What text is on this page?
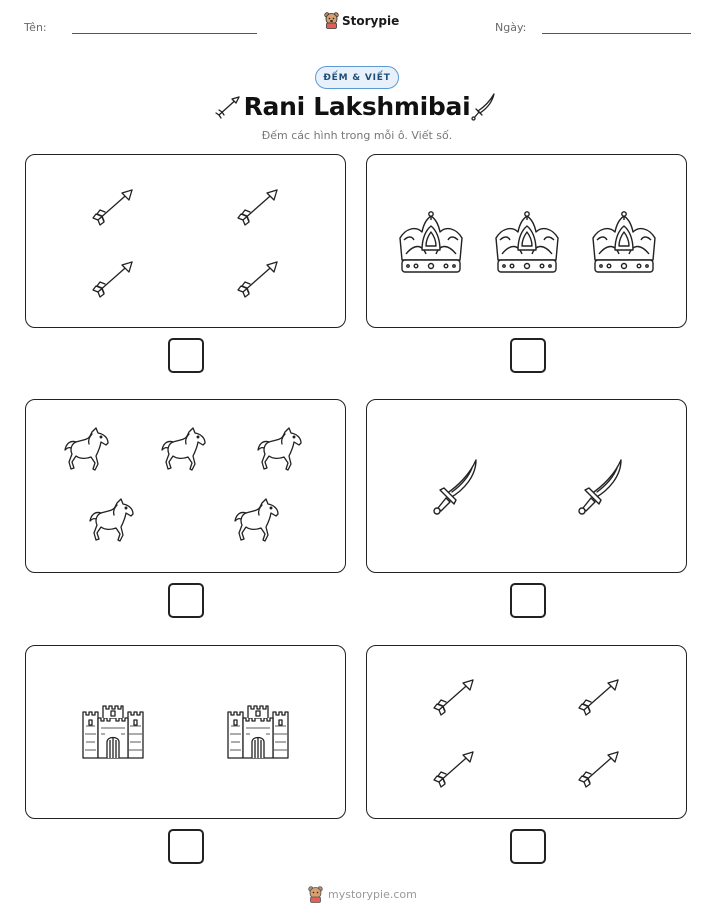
Tên:	Storypie	Ngày:
ĐẾM & VIẾT
Rani Lakshmibai
Đếm các hình trong mỗi ô. Viết số.
mystorypie.com
